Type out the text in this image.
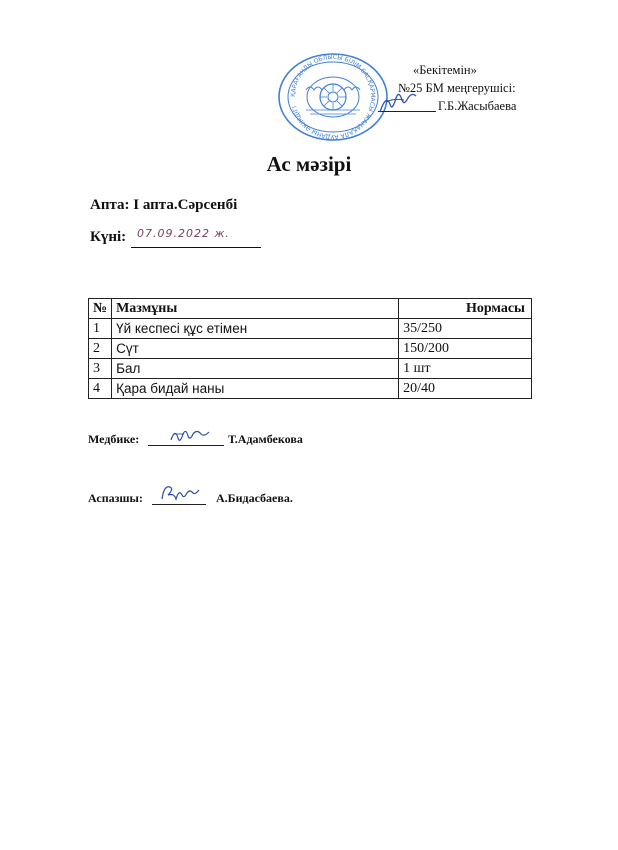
ҚАРАҒАНДЫ ОБЛЫСЫ БІЛІМ БАСҚАРМАСЫ ЖАҢАҚАЛА АУДАНЫ ӘКІМДІГІ
«Бекітемін»
№25 БМ меңгерушісі:
Г.Б.Жасыбаева
Ас мәзірі
Апта: I апта.Сәрсенбі
Күні: 07.09.2022 ж.
№	Мазмұны	Нормасы
1	Үй кеспесі құс етімен	35/250
2	Сүт	150/200
3	Бал	1 шт
4	Қара бидай наны	20/40
Медбике:	Т.Адамбекова
Аспазшы:	А.Бидасбаева.
